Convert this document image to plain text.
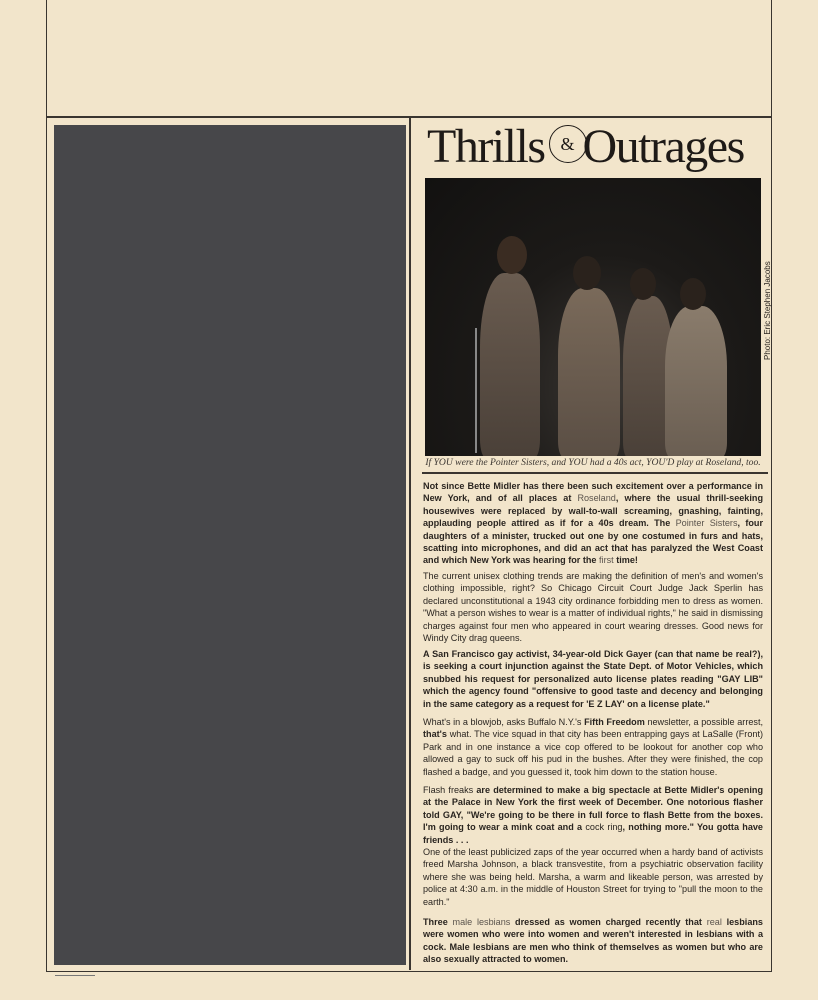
Thrills & Outrages
Photo: Eric Stephen Jacobs
If YOU were the Pointer Sisters, and YOU had a 40s act, YOU'D play at Roseland, too.

Not since Bette Midler has there been such excitement over a performance in New York, and of all places at Roseland, where the usual thrill-seeking housewives were replaced by wall-to-wall screaming, gnashing, fainting, applauding people attired as if for a 40s dream. The Pointer Sisters, four daughters of a minister, trucked out one by one costumed in furs and hats, scatting into microphones, and did an act that has paralyzed the West Coast and which New York was hearing for the first time!

The current unisex clothing trends are making the definition of men's and women's clothing impossible, right? So Chicago Circuit Court Judge Jack Sperlin has declared unconstitutional a 1943 city ordinance forbidding men to dress as women. "What a person wishes to wear is a matter of individual rights," he said in dismissing charges against four men who appeared in court wearing dresses. Good news for Windy City drag queens.

A San Francisco gay activist, 34-year-old Dick Gayer (can that name be real?), is seeking a court injunction against the State Dept. of Motor Vehicles, which snubbed his request for personalized auto license plates reading "GAY LIB" which the agency found "offensive to good taste and decency and belonging in the same category as a request for 'E Z LAY' on a license plate."

What's in a blowjob, asks Buffalo N.Y.'s Fifth Freedom newsletter, a possible arrest, that's what. The vice squad in that city has been entrapping gays at LaSalle (Front) Park and in one instance a vice cop offered to be lookout for another cop who allowed a gay to suck off his pud in the bushes. After they were finished, the cop flashed a badge, and you guessed it, took him down to the station house.

Flash freaks are determined to make a big spectacle at Bette Midler's opening at the Palace in New York the first week of December. One notorious flasher told GAY, "We're going to be there in full force to flash Bette from the boxes. I'm going to wear a mink coat and a cock ring, nothing more." You gotta have friends . . .

One of the least publicized zaps of the year occurred when a hardy band of activists freed Marsha Johnson, a black transvestite, from a psychiatric observation facility where she was being held. Marsha, a warm and likeable person, was arrested by police at 4:30 a.m. in the middle of Houston Street for trying to "pull the moon to the earth."

Three male lesbians dressed as women charged recently that real lesbians were women who were into women and weren't interested in lesbians with a cock. Male lesbians are men who think of themselves as women but who are also sexually attracted to women.
